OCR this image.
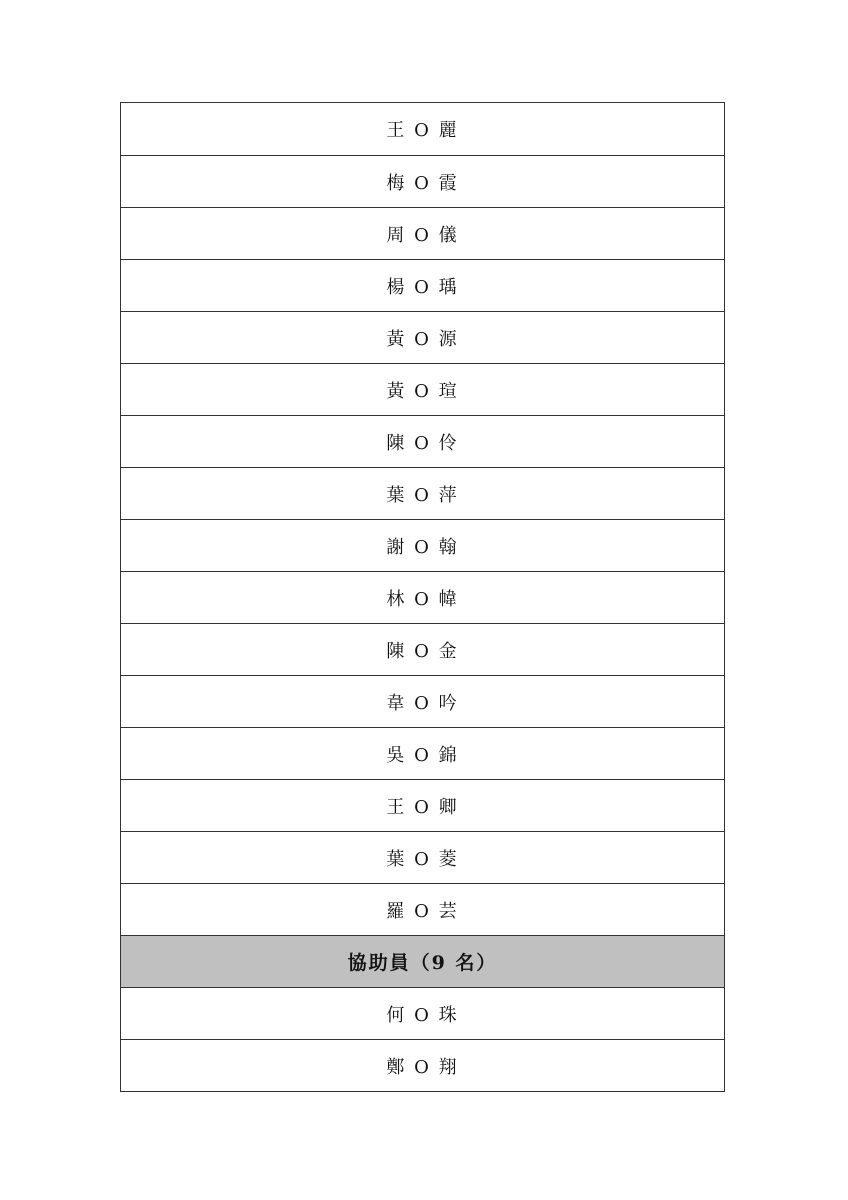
王 O 麗
梅 O 霞
周 O 儀
楊 O 瑀
黃 O 源
黃 O 瑄
陳 O 伶
葉 O 萍
謝 O 翰
林 O 幃
陳 O 金
韋 O 吟
吳 O 錦
王 O 卿
葉 O 菱
羅 O 芸
協助員（9 名）
何 O 珠
鄭 O 翔
